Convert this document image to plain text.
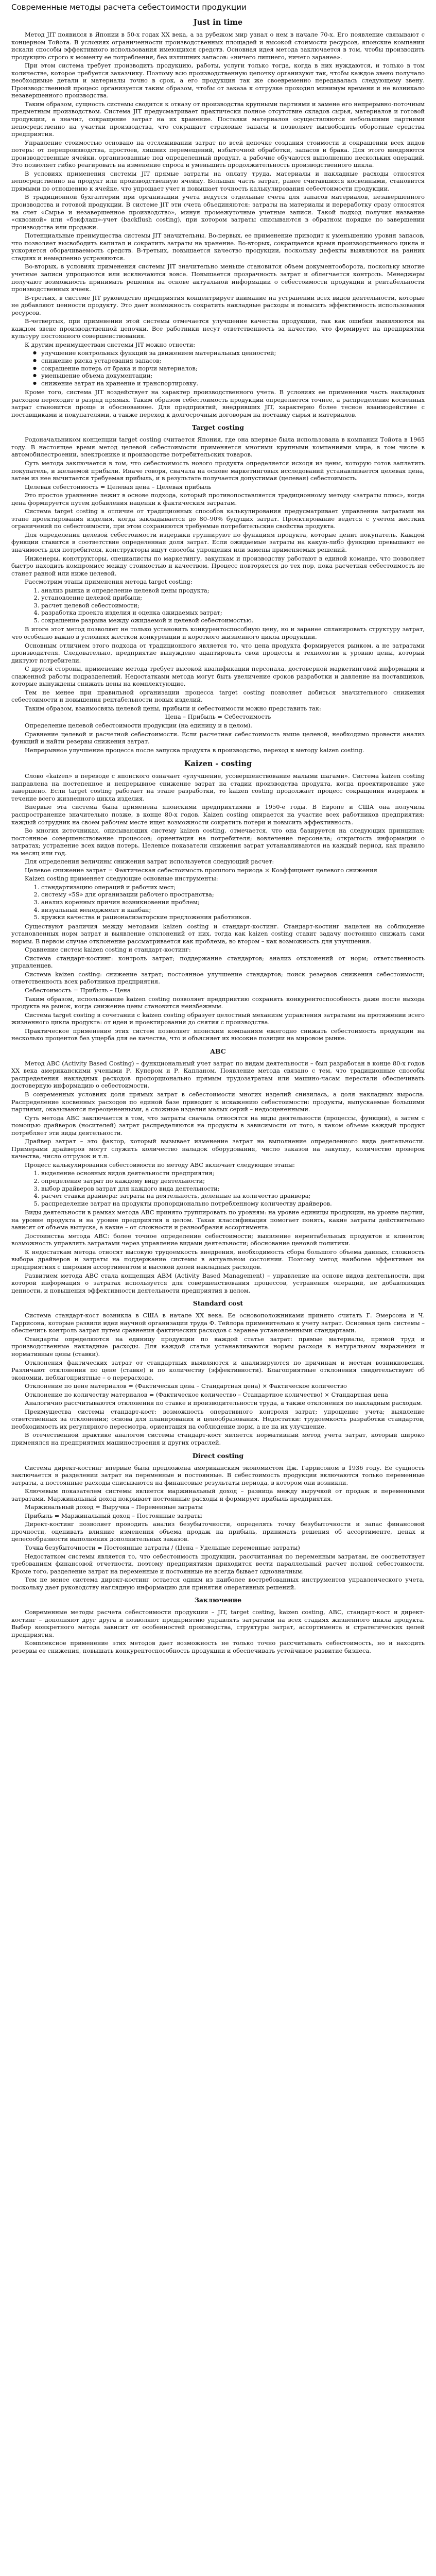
Современные методы расчета себестоимости продукции
Just in time

Метод JIT появился в Японии в 50-х годах XX века, а за рубежом мир узнал о нем в начале 70-х. Его появление связывают с концерном Тойота. В условиях ограниченности производственных площадей и высокой стоимости ресурсов, японские компании искали способы эффективного использования имеющихся средств. Основная идея метода заключается в том, чтобы производить продукцию строго к моменту ее потребления, без излишних запасов: «ничего лишнего, ничего заранее».

При этом система требует производить продукцию, работы, услуги только тогда, когда в них нуждаются, и только в том количестве, которое требуется заказчику. Поэтому всю производственную цепочку организуют так, чтобы каждое звено получало необходимые детали и материалы точно в срок, а его продукция так же своевременно передавалась следующему звену. Производственный процесс организуется таким образом, чтобы от заказа к отгрузке проходил минимум времени и не возникало незавершенного производства.

Таким образом, сущность системы сводится к отказу от производства крупными партиями и замене его непрерывно-поточным предметным производством. Система JIT предусматривает практически полное отсутствие складов сырья, материалов и готовой продукции, а значит, сокращение затрат на их хранение. Поставки материалов осуществляются небольшими партиями непосредственно на участки производства, что сокращает страховые запасы и позволяет высвободить оборотные средства предприятия.

Управление стоимостью основано на отслеживании затрат по всей цепочке создания стоимости и сокращении всех видов потерь: от перепроизводства, простоев, лишних перемещений, избыточной обработки, запасов и брака. Для этого внедряются производственные ячейки, организованные под определенный продукт, а рабочие обучаются выполнению нескольких операций. Это позволяет гибко реагировать на изменение спроса и уменьшить продолжительность производственного цикла.

В условиях применения системы JIT прямые затраты на оплату труда, материалы и накладные расходы относятся непосредственно на продукт или производственную ячейку. Большая часть затрат, ранее считавшихся косвенными, становится прямыми по отношению к ячейке, что упрощает учет и повышает точность калькулирования себестоимости продукции.

В традиционной бухгалтерии при организации учета ведутся отдельные счета для запасов материалов, незавершенного производства и готовой продукции. В системе JIT эти счета объединяются: затраты на материалы и переработку сразу относятся на счет «Сырье и незавершенное производство», минуя промежуточные учетные записи. Такой подход получил название «сквозной» или «бэкфлаш»-учет (backflush costing), при котором затраты списываются в обратном порядке по завершении производства или продажи.

Потенциальные преимущества системы JIT значительны. Во-первых, ее применение приводит к уменьшению уровня запасов, что позволяет высвободить капитал и сократить затраты на хранение. Во-вторых, сокращается время производственного цикла и ускоряется оборачиваемость средств. В-третьих, повышается качество продукции, поскольку дефекты выявляются на ранних стадиях и немедленно устраняются.

Во-вторых, в условиях применения системы JIT значительно меньше становится объем документооборота, поскольку многие учетные записи упрощаются или исключаются вовсе. Повышается прозрачность затрат и облегчается контроль. Менеджеры получают возможность принимать решения на основе актуальной информации о себестоимости продукции и рентабельности производственных ячеек.

В-третьих, в системе JIT руководство предприятия концентрирует внимание на устранении всех видов деятельности, которые не добавляют ценности продукту. Это дает возможность сократить накладные расходы и повысить эффективность использования ресурсов.

В-четвертых, при применении этой системы отмечается улучшение качества продукции, так как ошибки выявляются на каждом звене производственной цепочки. Все работники несут ответственность за качество, что формирует на предприятии культуру постоянного совершенствования.

К другим преимуществам системы JIT можно отнести:

● улучшение контрольных функций за движением материальных ценностей;
● снижение риска устаревания запасов;
● сокращение потерь от брака и порчи материалов;
● уменьшение объема документации;
● снижение затрат на хранение и транспортировку.

Кроме того, система JIT воздействует на характер производственного учета. В условиях ее применения часть накладных расходов переходит в разряд прямых. Таким образом себестоимость продукции определяется точнее, а распределение косвенных затрат становится проще и обоснованнее. Для предприятий, внедривших JIT, характерно более тесное взаимодействие с поставщиками и покупателями, а также переход к долгосрочным договорам на поставку сырья и материалов.

Target costing

Родоначальником концепции target costing считается Япония, где она впервые была использована в компании Тойота в 1965 году. В настоящее время метод целевой себестоимости применяется многими крупными компаниями мира, в том числе в автомобилестроении, электронике и производстве потребительских товаров.

Суть метода заключается в том, что себестоимость нового продукта определяется исходя из цены, которую готов заплатить покупатель, и желаемой прибыли. Иначе говоря, сначала на основе маркетинговых исследований устанавливается целевая цена, затем из нее вычитается требуемая прибыль, и в результате получается допустимая (целевая) себестоимость.

Целевая себестоимость = Целевая цена – Целевая прибыль

Это простое уравнение лежит в основе подхода, который противопоставляется традиционному методу «затраты плюс», когда цена формируется путем добавления наценки к фактическим затратам.

Система target costing в отличие от традиционных способов калькулирования предусматривает управление затратами на этапе проектирования изделия, когда закладывается до 80–90% будущих затрат. Проектирование ведется с учетом жестких ограничений по себестоимости, при этом сохраняются требуемые потребительские свойства продукта.

Для определения целевой себестоимости издержки группируют по функциям продукта, которые ценит покупатель. Каждой функции ставится в соответствие определенная доля затрат. Если ожидаемые затраты на какую-либо функцию превышают ее значимость для потребителя, конструкторы ищут способы упрощения или замены применяемых решений.

Инженеры, конструкторы, специалисты по маркетингу, закупкам и производству работают в единой команде, что позволяет быстро находить компромисс между стоимостью и качеством. Процесс повторяется до тех пор, пока расчетная себестоимость не станет равной или ниже целевой.

Рассмотрим этапы применения метода target costing:

1. анализ рынка и определение целевой цены продукта;
2. установление целевой прибыли;
3. расчет целевой себестоимости;
4. разработка проекта изделия и оценка ожидаемых затрат;
5. сокращение разрыва между ожидаемой и целевой себестоимостью.

В итоге этот метод позволяет не только установить конкурентоспособную цену, но и заранее спланировать структуру затрат, что особенно важно в условиях жесткой конкуренции и короткого жизненного цикла продукции.

Основным отличием этого подхода от традиционного является то, что цена продукта формируется рынком, а не затратами производителя. Следовательно, предприятие вынуждено адаптировать свои процессы и технологии к уровню цены, который диктуют потребители.

С другой стороны, применение метода требует высокой квалификации персонала, достоверной маркетинговой информации и слаженной работы подразделений. Недостатками метода могут быть увеличение сроков разработки и давление на поставщиков, которые вынуждены снижать цены на комплектующие.

Тем не менее при правильной организации процесса target costing позволяет добиться значительного снижения себестоимости и повышения рентабельности новых изделий.

Таким образом, взаимосвязь целевой цены, прибыли и себестоимости можно представить так:

Цена – Прибыль = Себестоимость

Определение целевой себестоимости продукции (на единицу и в целом).

Сравнение целевой и расчетной себестоимости. Если расчетная себестоимость выше целевой, необходимо провести анализ функций и найти резервы снижения затрат.

Непрерывное улучшение процесса после запуска продукта в производство, переход к методу kaizen costing.

Kaizen - costing

Слово «kaizen» в переводе с японского означает «улучшение, усовершенствование малыми шагами». Система kaizen costing направлена на постепенное и непрерывное снижение затрат на стадии производства продукта, когда проектирование уже завершено. Если target costing работает на этапе разработки, то kaizen costing продолжает процесс сокращения издержек в течение всего жизненного цикла изделия.

Впервые эта система была применена японскими предприятиями в 1950-е годы. В Европе и США она получила распространение значительно позже, в конце 80-х годов. Kaizen costing опирается на участие всех работников предприятия: каждый сотрудник на своем рабочем месте ищет возможности сократить потери и повысить эффективность.

Во многих источниках, описывающих систему kaizen costing, отмечается, что она базируется на следующих принципах: постоянное совершенствование процессов; ориентация на потребителя; вовлечение персонала; открытость информации о затратах; устранение всех видов потерь. Целевые показатели снижения затрат устанавливаются на каждый период, как правило на месяц или год.

Для определения величины снижения затрат используется следующий расчет:

Целевое снижение затрат = Фактическая себестоимость прошлого периода × Коэффициент целевого снижения

Kaizen costing применяет следующие основные инструменты:

1. стандартизацию операций и рабочих мест;
2. систему «5S» для организации рабочего пространства;
3. анализ коренных причин возникновения проблем;
4. визуальный менеджмент и канбан;
5. кружки качества и рационализаторские предложения работников.

Существуют различия между методами kaizen costing и стандарт-костинг. Стандарт-костинг нацелен на соблюдение установленных норм затрат и выявление отклонений от них, тогда как kaizen costing ставит задачу постоянно снижать сами нормы. В первом случае отклонение рассматривается как проблема, во втором – как возможность для улучшения.

Сравнение систем kaizen costing и стандарт-костинг:

Система стандарт-костинг: контроль затрат; поддержание стандартов; анализ отклонений от норм; ответственность управленцев.

Система kaizen costing: снижение затрат; постоянное улучшение стандартов; поиск резервов снижения себестоимости; ответственность всех работников предприятия.

Себестоимость = Прибыль – Цена

Таким образом, использование kaizen costing позволяет предприятию сохранять конкурентоспособность даже после выхода продукта на рынок, когда снижение цены становится неизбежным.

Система target costing в сочетании с kaizen costing образует целостный механизм управления затратами на протяжении всего жизненного цикла продукта: от идеи и проектирования до снятия с производства.

Практическое применение этих систем позволяет японским компаниям ежегодно снижать себестоимость продукции на несколько процентов без ущерба для ее качества, что и объясняет их высокие позиции на мировом рынке.

ABC

Метод ABC (Activity Based Costing) – функциональный учет затрат по видам деятельности – был разработан в конце 80-х годов XX века американскими учеными Р. Купером и Р. Капланом. Появление метода связано с тем, что традиционные способы распределения накладных расходов пропорционально прямым трудозатратам или машино-часам перестали обеспечивать достоверную информацию о себестоимости.

В современных условиях доля прямых затрат в себестоимости многих изделий снизилась, а доля накладных выросла. Распределение косвенных расходов по единой базе приводит к искажению себестоимости: продукты, выпускаемые большими партиями, оказываются переоцененными, а сложные изделия малых серий – недооцененными.

Суть метода ABC заключается в том, что затраты сначала относятся на виды деятельности (процессы, функции), а затем с помощью драйверов (носителей) затрат распределяются на продукты в зависимости от того, в каком объеме каждый продукт потребляет эти виды деятельности.

Драйвер затрат – это фактор, который вызывает изменение затрат на выполнение определенного вида деятельности. Примерами драйверов могут служить количество наладок оборудования, число заказов на закупку, количество проверок качества, число отгрузок и т.п.

Процесс калькулирования себестоимости по методу ABC включает следующие этапы:

1. выделение основных видов деятельности предприятия;
2. определение затрат по каждому виду деятельности;
3. выбор драйверов затрат для каждого вида деятельности;
4. расчет ставки драйвера: затраты на деятельность, деленные на количество драйвера;
5. распределение затрат на продукты пропорционально потребленному количеству драйверов.

Виды деятельности в рамках метода ABC принято группировать по уровням: на уровне единицы продукции, на уровне партии, на уровне продукта и на уровне предприятия в целом. Такая классификация помогает понять, какие затраты действительно зависят от объема выпуска, а какие – от сложности и разнообразия ассортимента.

Достоинства метода ABC: более точное определение себестоимости; выявление нерентабельных продуктов и клиентов; возможность управлять затратами через управление видами деятельности; обоснование ценовой политики.

К недостаткам метода относят высокую трудоемкость внедрения, необходимость сбора большого объема данных, сложность выбора драйверов и затраты на поддержание системы в актуальном состоянии. Поэтому метод наиболее эффективен на предприятиях с широким ассортиментом и высокой долей накладных расходов.

Развитием метода ABC стала концепция ABM (Activity Based Management) – управление на основе видов деятельности, при которой информация о затратах используется для совершенствования процессов, устранения операций, не добавляющих ценности, и повышения эффективности деятельности предприятия в целом.

Standard cost

Система стандарт-кост возникла в США в начале XX века. Ее основоположниками принято считать Г. Эмерсона и Ч. Гаррисона, которые развили идеи научной организации труда Ф. Тейлора применительно к учету затрат. Основная цель системы – обеспечить контроль затрат путем сравнения фактических расходов с заранее установленными стандартами.

Стандарты определяются на единицу продукции по каждой статье затрат: прямые материалы, прямой труд и производственные накладные расходы. Для каждой статьи устанавливаются нормы расхода в натуральном выражении и нормативные цены (ставки).

Отклонения фактических затрат от стандартных выявляются и анализируются по причинам и местам возникновения. Различают отклонения по цене (ставке) и по количеству (эффективности). Благоприятные отклонения свидетельствуют об экономии, неблагоприятные – о перерасходе.

Отклонение по цене материалов = (Фактическая цена – Стандартная цена) × Фактическое количество

Отклонение по количеству материалов = (Фактическое количество – Стандартное количество) × Стандартная цена

Аналогично рассчитываются отклонения по ставке и производительности труда, а также отклонения по накладным расходам.

Преимущества системы стандарт-кост: возможность оперативного контроля затрат; упрощение учета; выявление ответственных за отклонения; основа для планирования и ценообразования. Недостатки: трудоемкость разработки стандартов, необходимость их регулярного пересмотра, ориентация на соблюдение норм, а не на их улучшение.

В отечественной практике аналогом системы стандарт-кост является нормативный метод учета затрат, который широко применялся на предприятиях машиностроения и других отраслей.

Direct costing

Система директ-костинг впервые была предложена американским экономистом Дж. Гаррисоном в 1936 году. Ее сущность заключается в разделении затрат на переменные и постоянные. В себестоимость продукции включаются только переменные затраты, а постоянные расходы списываются на финансовые результаты периода, в котором они возникли.

Ключевым показателем системы является маржинальный доход – разница между выручкой от продаж и переменными затратами. Маржинальный доход покрывает постоянные расходы и формирует прибыль предприятия.

Маржинальный доход = Выручка – Переменные затраты

Прибыль = Маржинальный доход – Постоянные затраты

Директ-костинг позволяет проводить анализ безубыточности, определять точку безубыточности и запас финансовой прочности, оценивать влияние изменения объема продаж на прибыль, принимать решения об ассортименте, ценах и целесообразности выполнения дополнительных заказов.

Точка безубыточности = Постоянные затраты / (Цена – Удельные переменные затраты)

Недостатком системы является то, что себестоимость продукции, рассчитанная по переменным затратам, не соответствует требованиям финансовой отчетности, поэтому предприятиям приходится вести параллельный расчет полной себестоимости. Кроме того, разделение затрат на переменные и постоянные не всегда бывает однозначным.

Тем не менее система директ-костинг остается одним из наиболее востребованных инструментов управленческого учета, поскольку дает руководству наглядную информацию для принятия оперативных решений.

Заключение

Современные методы расчета себестоимости продукции – JIT, target costing, kaizen costing, ABC, стандарт-кост и директ-костинг – дополняют друг друга и позволяют предприятию управлять затратами на всех стадиях жизненного цикла продукта. Выбор конкретного метода зависит от особенностей производства, структуры затрат, ассортимента и стратегических целей предприятия.

Комплексное применение этих методов дает возможность не только точно рассчитывать себестоимость, но и находить резервы ее снижения, повышать конкурентоспособность продукции и обеспечивать устойчивое развитие бизнеса.
